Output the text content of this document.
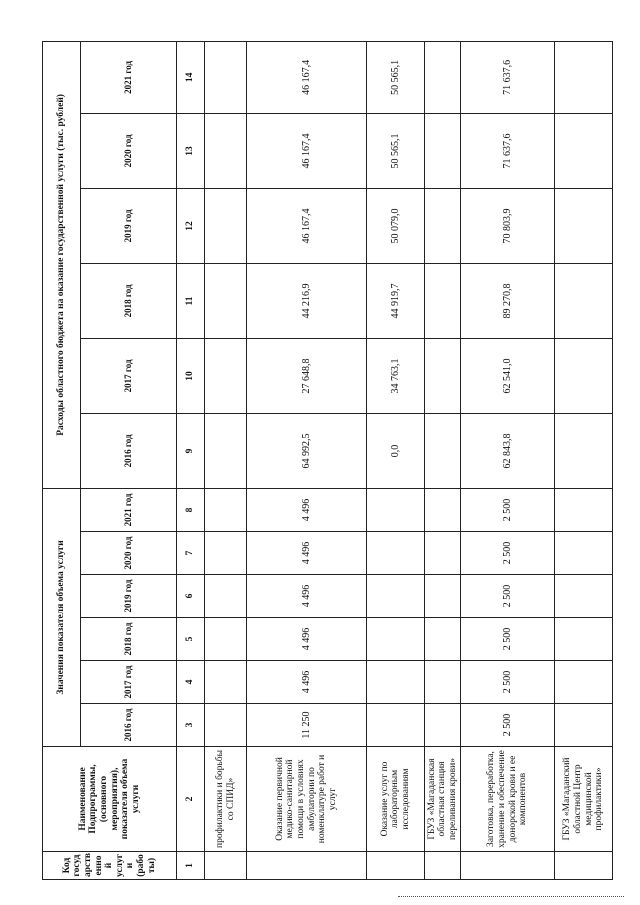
Код госуд арств енно й услуг и (рабо ты)	Наименование Подпрограммы, (основного мероприятия), показателя объема услуги	Значения показателя объема услуги						Расходы областного бюджета на оказание государственной услуги (тыс. рублей)					
		2016 год	2017 год	2018 год	2019 год	2020 год	2021 год	2016 год	2017 год	2018 год	2019 год	2020 год	2021 год
1	2	3	4	5	6	7	8	9	10	11	12	13	14
	профилактики и борьбы со СПИД»												
	Оказание первичной медико-санитарной помощи в условиях амбулатории по номенклатуре работ и услуг	11 250	4 496	4 496	4 496	4 496	4 496	64 992,5	27 648,8	44 216,9	46 167,4	46 167,4	46 167,4
	Оказание услуг по лабораторным исследованиям							0,0	34 763,1	44 919,7	50 079,0	50 565,1	50 565,1
	ГБУЗ «Магаданская областная станция переливания крови»												
	Заготовка, переработка, хранение и обеспечение донорской крови и ее компонентов	2 500	2 500	2 500	2 500	2 500	2 500	62 843,8	62 541,0	89 270,8	70 803,9	71 637,6	71 637,6
	ГБУЗ «Магаданский областной Центр медицинской профилактики»												
